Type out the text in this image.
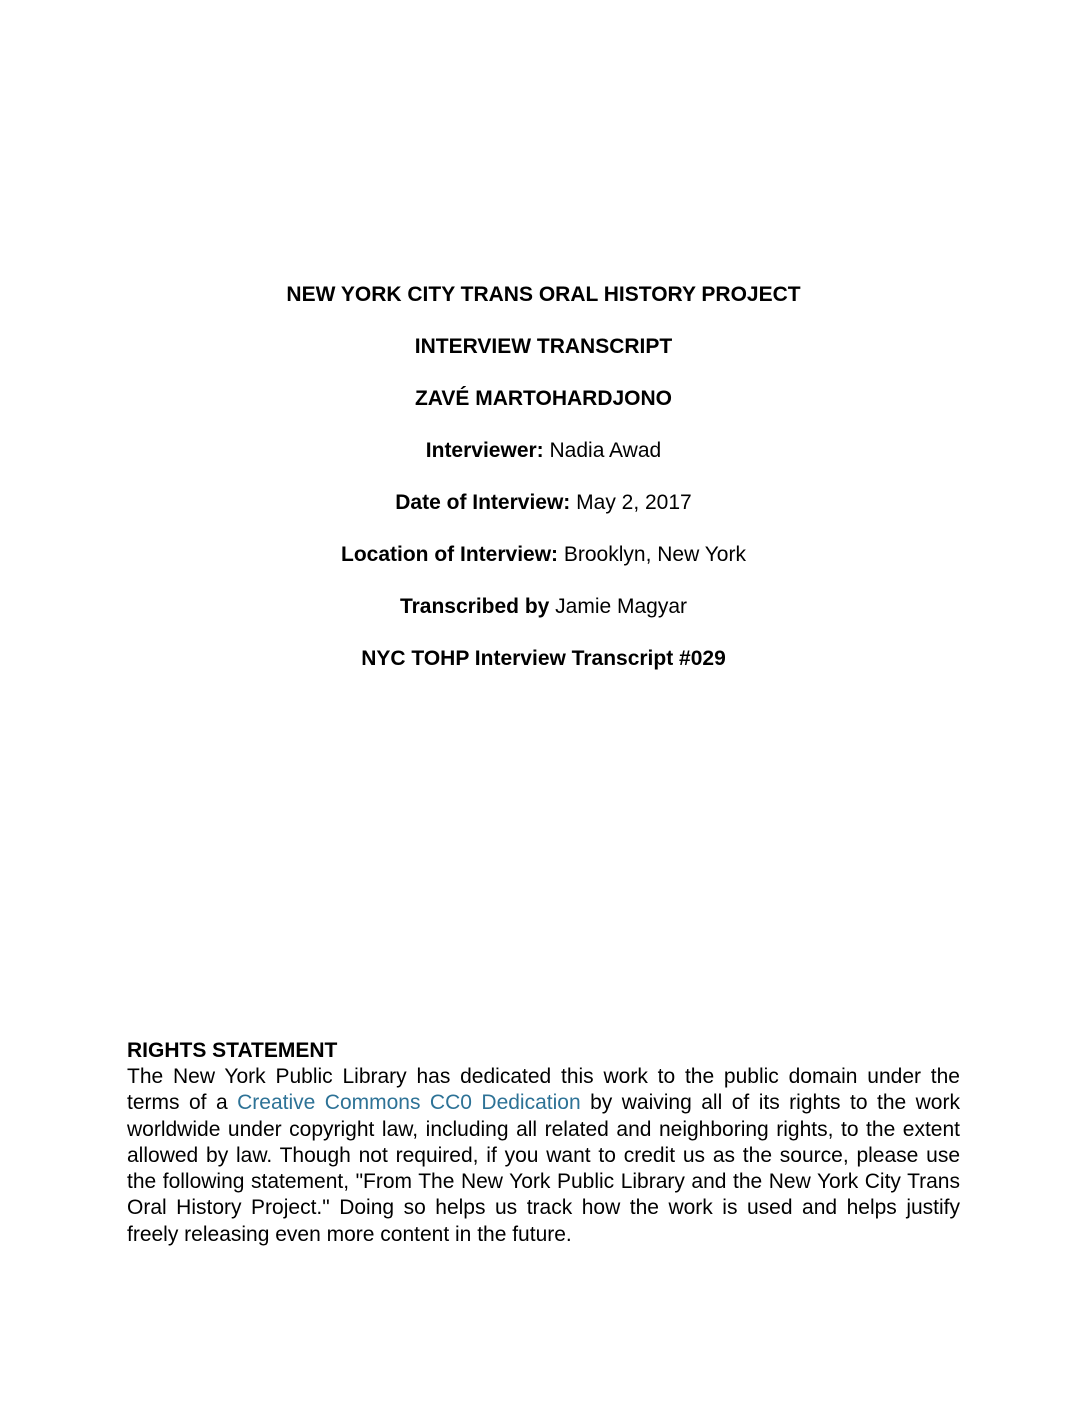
NEW YORK CITY TRANS ORAL HISTORY PROJECT
INTERVIEW TRANSCRIPT
ZAVÉ MARTOHARDJONO
Interviewer: Nadia Awad
Date of Interview: May 2, 2017
Location of Interview: Brooklyn, New York
Transcribed by Jamie Magyar
NYC TOHP Interview Transcript #029
RIGHTS STATEMENT
The New York Public Library has dedicated this work to the public domain under the terms of a Creative Commons CC0 Dedication by waiving all of its rights to the work worldwide under copyright law, including all related and neighboring rights, to the extent allowed by law. Though not required, if you want to credit us as the source, please use the following statement, "From The New York Public Library and the New York City Trans Oral History Project." Doing so helps us track how the work is used and helps justify freely releasing even more content in the future.
